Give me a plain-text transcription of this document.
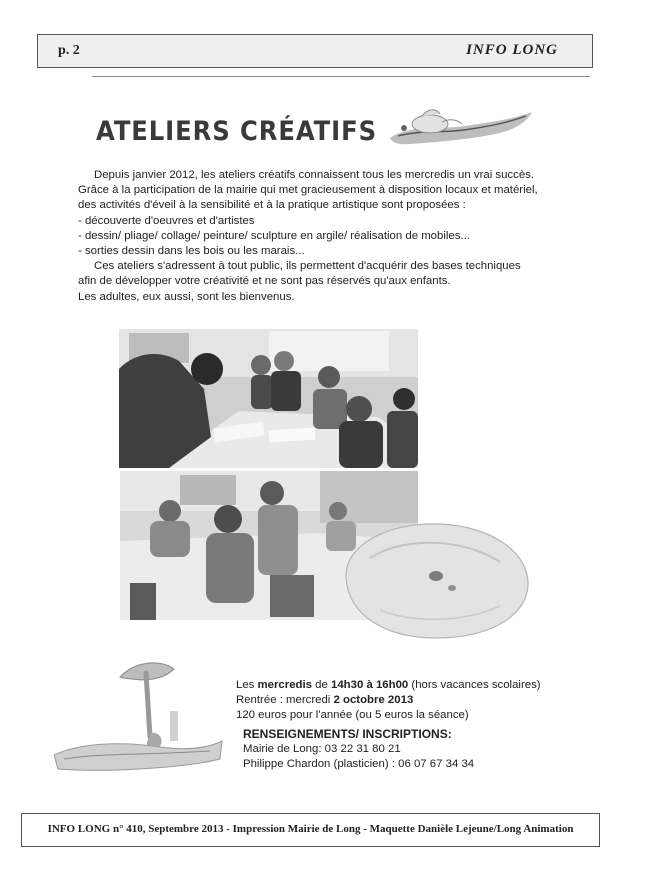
p. 2	INFO LONG
ATELIERS CRÉATIFS

Depuis janvier 2012, les ateliers créatifs connaissent tous les mercredis un vrai succès. Grâce à la participation de la mairie qui met gracieusement à disposition locaux et matériel, des activités d'éveil à la sensibilité et à la pratique artistique sont proposées :

- découverte d'oeuvres et d'artistes

- dessin/ pliage/ collage/ peinture/ sculpture en argile/ réalisation de mobiles...

- sorties dessin dans les bois ou les marais...

Ces ateliers s'adressent à tout public, ils permettent d'acquérir des bases techniques afin de développer votre créativité et ne sont pas réservés qu'aux enfants.

Les adultes, eux aussi, sont les bienvenus.

Les mercredis de 14h30 à 16h00 (hors vacances scolaires)
Rentrée : mercredi 2 octobre 2013
120 euros pour l'année (ou 5 euros la séance)
RENSEIGNEMENTS/ INSCRIPTIONS:
Mairie de Long: 03 22 31 80 21
Philippe Chardon (plasticien) : 06 07 67 34 34
INFO LONG n° 410, Septembre 2013 - Impression Mairie de Long - Maquette Danièle Lejeune/Long Animation
